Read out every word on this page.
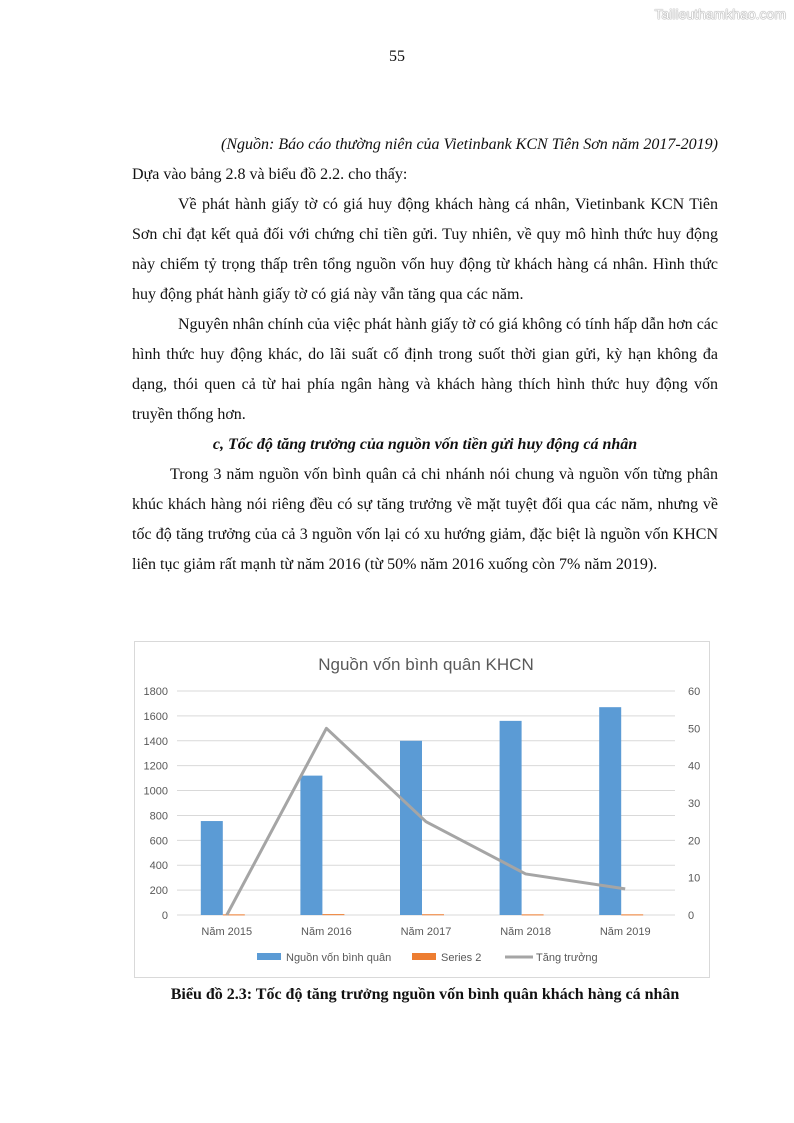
Tailieuthamkhao.com
55

(Nguồn: Báo cáo thường niên của Vietinbank KCN Tiên Sơn năm 2017-2019)

Dựa vào bảng 2.8 và biểu đồ 2.2. cho thấy:

Về phát hành giấy tờ có giá huy động khách hàng cá nhân, Vietinbank KCN Tiên Sơn chỉ đạt kết quả đối với chứng chỉ tiền gửi. Tuy nhiên, về quy mô hình thức huy động này chiếm tỷ trọng thấp trên tổng nguồn vốn huy động từ khách hàng cá nhân. Hình thức huy động phát hành giấy tờ có giá này vẫn tăng qua các năm.

Nguyên nhân chính của việc phát hành giấy tờ có giá không có tính hấp dẫn hơn các hình thức huy động khác, do lãi suất cố định trong suốt thời gian gửi, kỳ hạn không đa dạng, thói quen cả từ hai phía ngân hàng và khách hàng thích hình thức huy động vốn truyền thống hơn.

c, Tốc độ tăng trưởng của nguồn vốn tiền gửi huy động cá nhân

Trong 3 năm nguồn vốn bình quân cả chi nhánh nói chung và nguồn vốn từng phân khúc khách hàng nói riêng đều có sự tăng trưởng về mặt tuyệt đối qua các năm, nhưng về tốc độ tăng trưởng của cả 3 nguồn vốn lại có xu hướng giảm, đặc biệt là nguồn vốn KHCN liên tục giảm rất mạnh từ năm 2016 (từ 50% năm 2016 xuống còn 7% năm 2019).

Nguồn vốn bình quân KHCN
0
200
400
600
800
1000
1200
1400
1600
1800
0
10
20
30
40
50
60
Năm 2015	Năm 2016	Năm 2017	Năm 2018	Năm 2019
Nguồn vốn bình quân	Series 2	Tăng trưởng
Biểu đồ 2.3: Tốc độ tăng trưởng nguồn vốn bình quân khách hàng cá nhân
